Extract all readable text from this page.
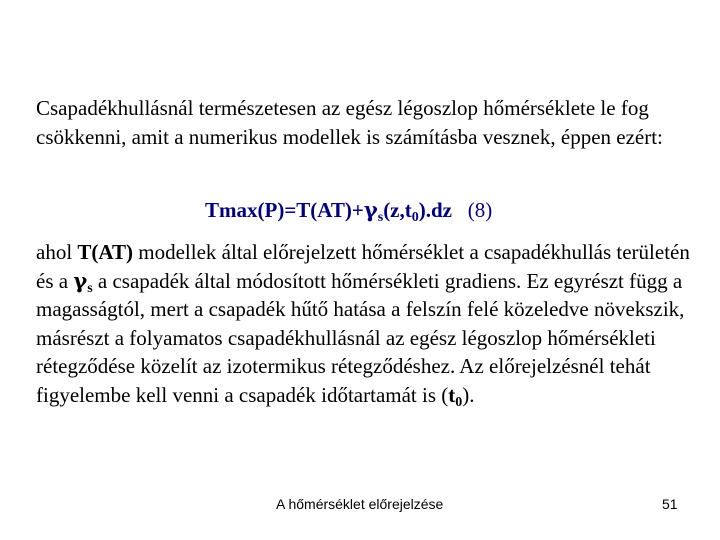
Csapadékhullásnál természetesen az egész légoszlop hőmérséklete le fog csökkenni, amit a numerikus modellek is számításba vesznek, éppen ezért:

$Tmax(P)=T(AT)+\gamma_s(z,t_0).dz$ (8)

ahol T(AT) modellek által előrejelzett hőmérséklet a csapadékhullás területén és a $\gamma_s$ a csapadék által módosított hőmérsékleti gradiens. Ez egyrészt függ a magasságtól, mert a csapadék hűtő hatása a felszín felé közeledve növekszik, másrészt a folyamatos csapadékhullásnál az egész légoszlop hőmérsékleti rétegződése közelít az izotermikus rétegződéshez. Az előrejelzésnél tehát figyelembe kell venni a csapadék időtartamát is $(t_0)$.

A hőmérséklet előrejelzése	51
